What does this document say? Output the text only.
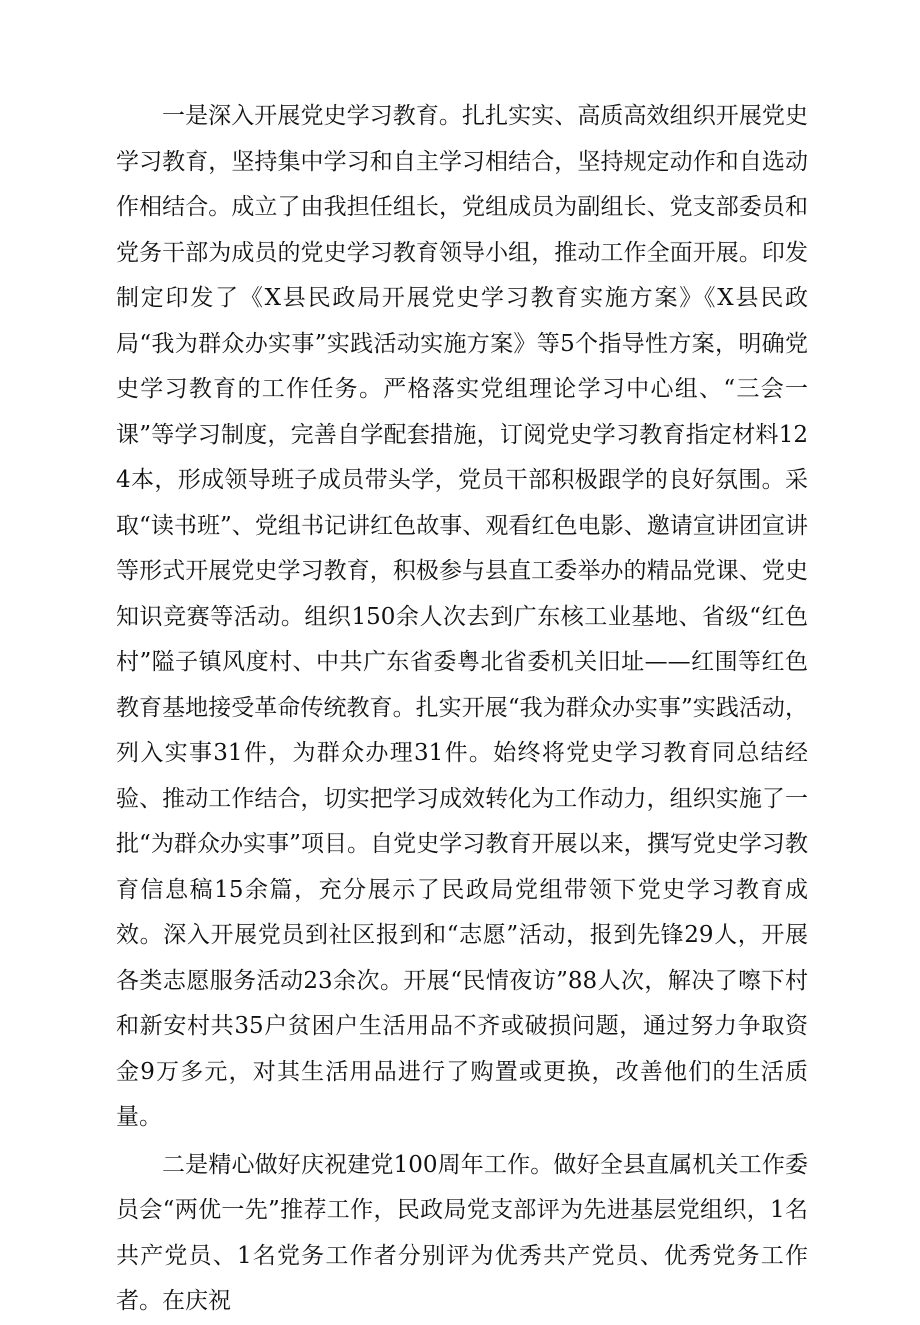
一是深入开展党史学习教育。扎扎实实、高质高效组织开展党史学习教育，坚持集中学习和自主学习相结合，坚持规定动作和自选动作相结合。成立了由我担任组长，党组成员为副组长、党支部委员和党务干部为成员的党史学习教育领导小组，推动工作全面开展。印发制定印发了《X县民政局开展党史学习教育实施方案》《X县民政局“我为群众办实事”实践活动实施方案》等5个指导性方案，明确党史学习教育的工作任务。严格落实党组理论学习中心组、“三会一课”等学习制度，完善自学配套措施，订阅党史学习教育指定材料124本，形成领导班子成员带头学，党员干部积极跟学的良好氛围。采取“读书班”、党组书记讲红色故事、观看红色电影、邀请宣讲团宣讲等形式开展党史学习教育，积极参与县直工委举办的精品党课、党史知识竞赛等活动。组织150余人次去到广东核工业基地、省级“红色村”隘子镇风度村、中共广东省委粤北省委机关旧址——红围等红色教育基地接受革命传统教育。扎实开展“我为群众办实事”实践活动，列入实事31件，为群众办理31件。始终将党史学习教育同总结经验、推动工作结合，切实把学习成效转化为工作动力，组织实施了一批“为群众办实事”项目。自党史学习教育开展以来，撰写党史学习教育信息稿15余篇，充分展示了民政局党组带领下党史学习教育成效。深入开展党员到社区报到和“志愿”活动，报到先锋29人，开展各类志愿服务活动23余次。开展“民情夜访”88人次，解决了嚓下村和新安村共35户贫困户生活用品不齐或破损问题，通过努力争取资金9万多元，对其生活用品进行了购置或更换，改善他们的生活质量。

二是精心做好庆祝建党100周年工作。做好全县直属机关工作委员会“两优一先”推荐工作，民政局党支部评为先进基层党组织，1名共产党员、1名党务工作者分别评为优秀共产党员、优秀党务工作者。在庆祝
